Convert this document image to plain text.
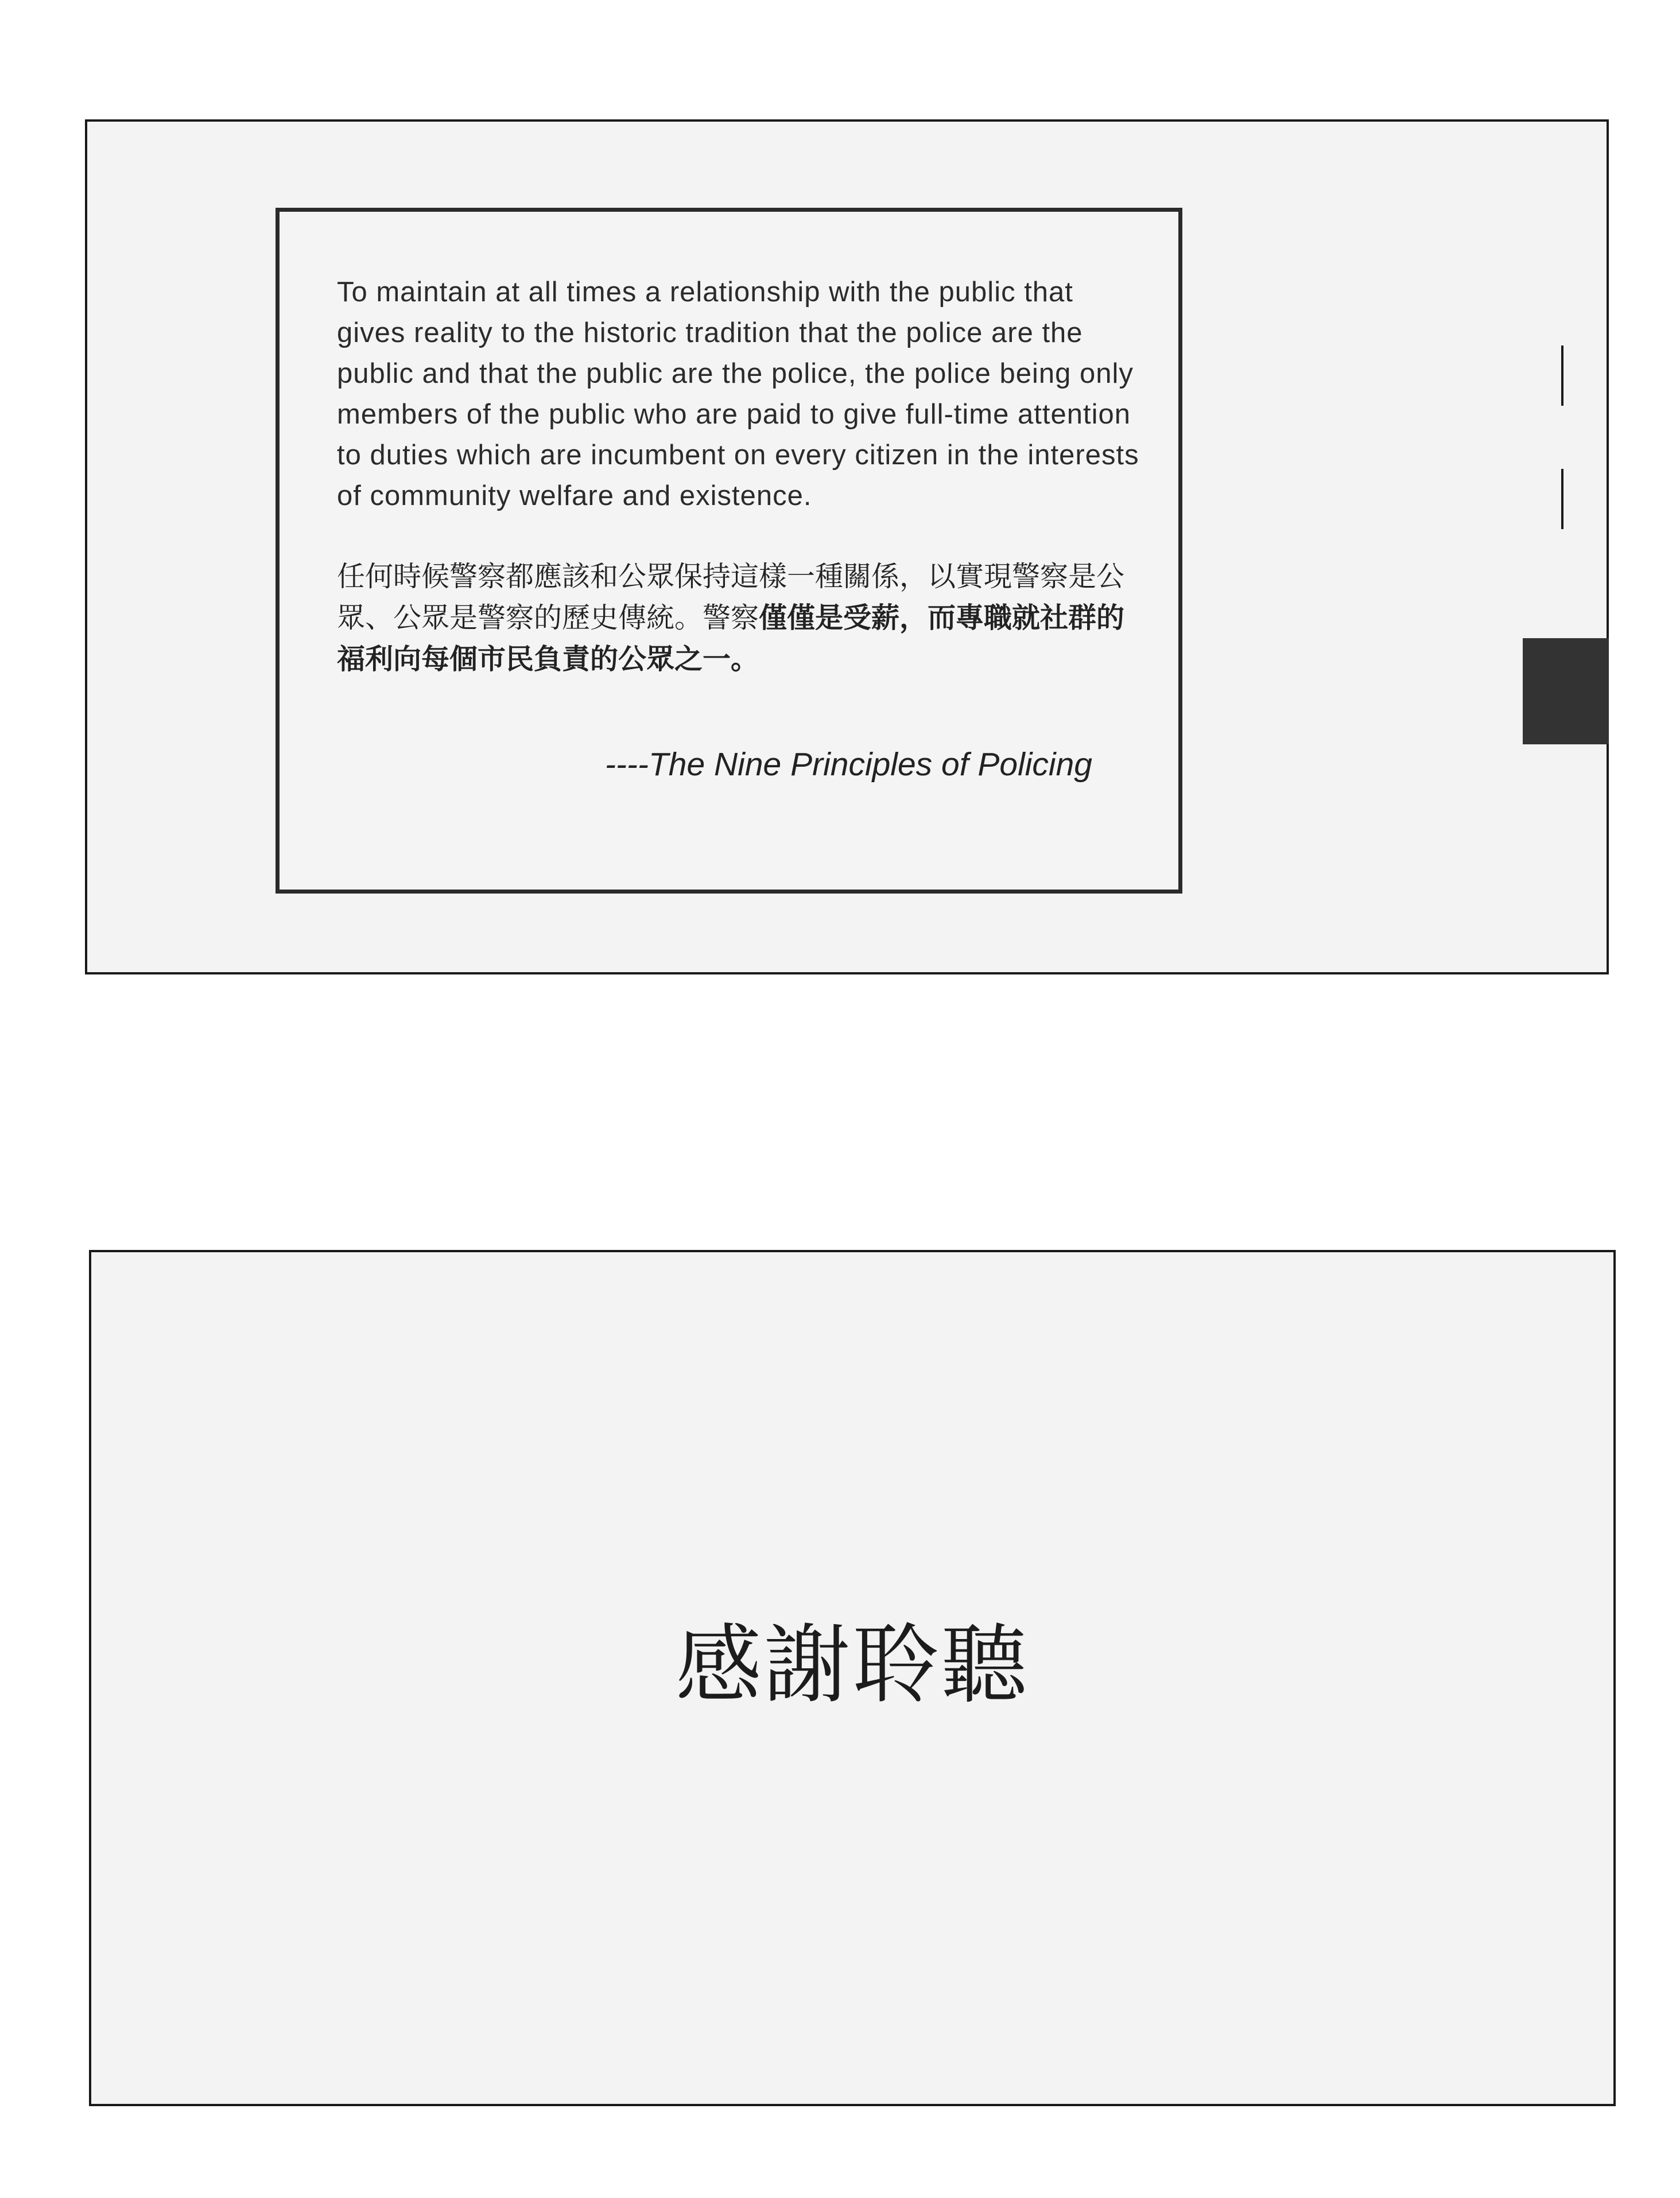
To maintain at all times a relationship with the public that gives reality to the historic tradition that the police are the public and that the public are the police, the police being only members of the public who are paid to give full-time attention to duties which are incumbent on every citizen in the interests of community welfare and existence.

任何時候警察都應該和公眾保持這樣一種關係，以實現警察是公眾、公眾是警察的歷史傳統。警察僅僅是受薪，而專職就社群的福利向每個市民負責的公眾之一。

----The Nine Principles of Policing
感謝聆聽
